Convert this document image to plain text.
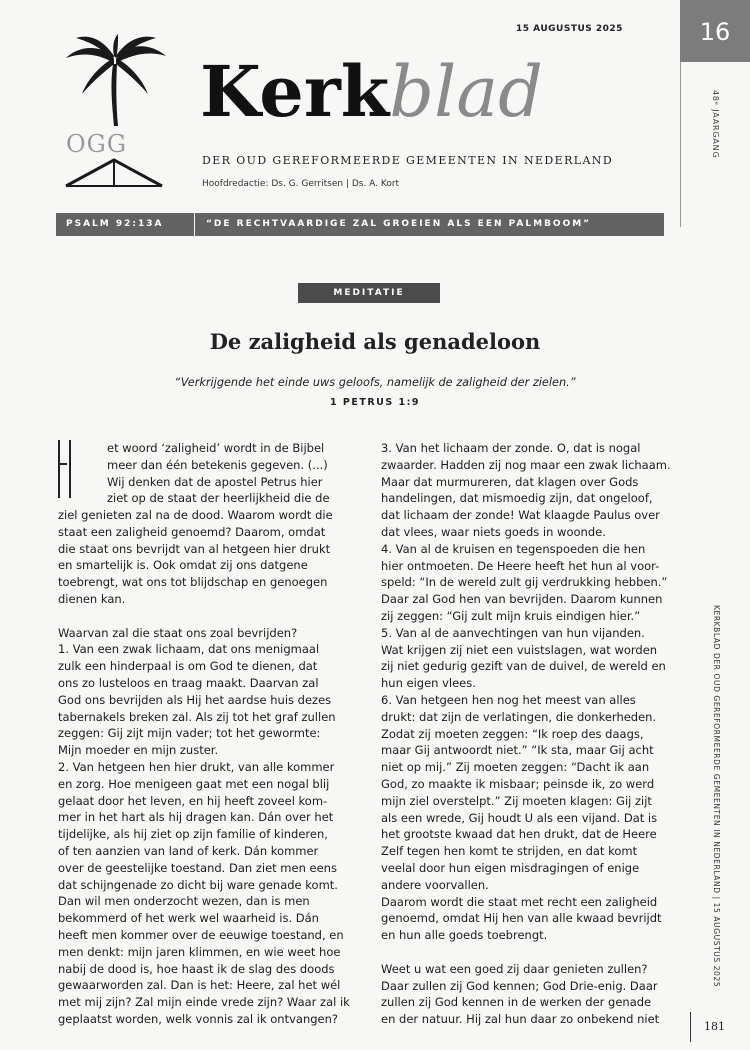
15 AUGUSTUS 2025	16
48ᵉ JAARGANG
OGG
Kerkblad
DER OUD GEREFORMEERDE GEMEENTEN IN NEDERLAND
Hoofdredactie: Ds. G. Gerritsen | Ds. A. Kort
PSALM 92:13A	“DE RECHTVAARDIGE ZAL GROEIEN ALS EEN PALMBOOM”
MEDITATIE
De zaligheid als genadeloon
“Verkrijgende het einde uws geloofs, namelijk de zaligheid der zielen.”
1 PETRUS 1:9
et woord ‘zaligheid’ wordt in de Bijbel
meer dan één betekenis gegeven. (...)
Wij denken dat de apostel Petrus hier
ziet op de staat der heerlijkheid die de

ziel genieten zal na de dood. Waarom wordt die
staat een zaligheid genoemd? Daarom, omdat
die staat ons bevrijdt van al hetgeen hier drukt
en smartelijk is. Ook omdat zij ons datgene
toebrengt, wat ons tot blijdschap en genoegen
dienen kan.

Waarvan zal die staat ons zoal bevrijden?
1. Van een zwak lichaam, dat ons menigmaal
zulk een hinderpaal is om God te dienen, dat
ons zo lusteloos en traag maakt. Daarvan zal
God ons bevrijden als Hij het aardse huis dezes
tabernakels breken zal. Als zij tot het graf zullen
zeggen: Gij zijt mijn vader; tot het gewormte:
Mijn moeder en mijn zuster.
2. Van hetgeen hen hier drukt, van alle kommer
en zorg. Hoe menigeen gaat met een nogal blij
gelaat door het leven, en hij heeft zoveel kom-
mer in het hart als hij dragen kan. Dán over het
tijdelijke, als hij ziet op zijn familie of kinderen,
of ten aanzien van land of kerk. Dán kommer
over de geestelijke toestand. Dan ziet men eens
dat schijngenade zo dicht bij ware genade komt.
Dan wil men onderzocht wezen, dan is men
bekommerd of het werk wel waarheid is. Dán
heeft men kommer over de eeuwige toestand, en
men denkt: mijn jaren klimmen, en wie weet hoe
nabij de dood is, hoe haast ik de slag des doods
gewaarworden zal. Dan is het: Heere, zal het wél
met mij zijn? Zal mijn einde vrede zijn? Waar zal ik
geplaatst worden, welk vonnis zal ik ontvangen?

3. Van het lichaam der zonde. O, dat is nogal
zwaarder. Hadden zij nog maar een zwak lichaam.
Maar dat murmureren, dat klagen over Gods
handelingen, dat mismoedig zijn, dat ongeloof,
dat lichaam der zonde! Wat klaagde Paulus over
dat vlees, waar niets goeds in woonde.
4. Van al de kruisen en tegenspoeden die hen
hier ontmoeten. De Heere heeft het hun al voor-
speld: “In de wereld zult gij verdrukking hebben.”
Daar zal God hen van bevrijden. Daarom kunnen
zij zeggen: “Gij zult mijn kruis eindigen hier.”
5. Van al de aanvechtingen van hun vijanden.
Wat krijgen zij niet een vuistslagen, wat worden
zij niet gedurig gezift van de duivel, de wereld en
hun eigen vlees.
6. Van hetgeen hen nog het meest van alles
drukt: dat zijn de verlatingen, die donkerheden.
Zodat zij moeten zeggen: “Ik roep des daags,
maar Gij antwoordt niet.” “Ik sta, maar Gij acht
niet op mij.” Zij moeten zeggen: “Dacht ik aan
God, zo maakte ik misbaar; peinsde ik, zo werd
mijn ziel overstelpt.” Zij moeten klagen: Gij zijt
als een wrede, Gij houdt U als een vijand. Dat is
het grootste kwaad dat hen drukt, dat de Heere
Zelf tegen hen komt te strijden, en dat komt
veelal door hun eigen misdragingen of enige
andere voorvallen.
Daarom wordt die staat met recht een zaligheid
genoemd, omdat Hij hen van alle kwaad bevrijdt
en hun alle goeds toebrengt.

Weet u wat een goed zij daar genieten zullen?
Daar zullen zij God kennen; God Drie-enig. Daar
zullen zij God kennen in de werken der genade
en der natuur. Hij zal hun daar zo onbekend niet

KERKBLAD DER OUD GEREFORMEERDE GEMEENTEN IN NEDERLAND | 15 AUGUSTUS 2025
181
